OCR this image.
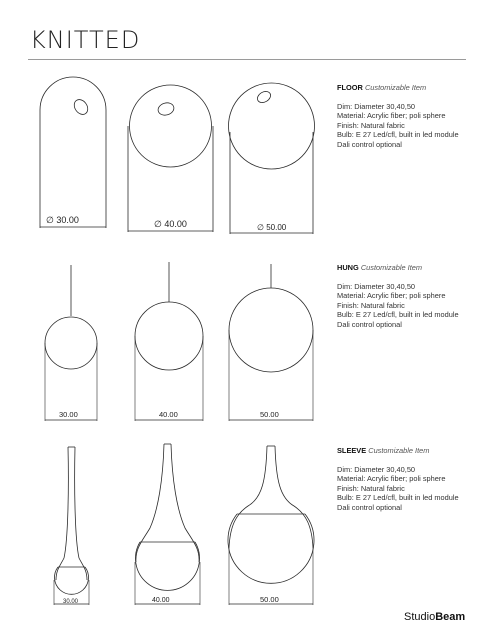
KNITTED
∅ 30.00	∅ 40.00	∅ 50.00
30.00	40.00	50.00
30.00	40.00	50.00
FLOOR Customizable Item
Dim: Diameter 30,40,50
Material: Acrylic fiber; poli sphere
Finish: Natural fabric
Bulb: E 27 Led/cfl, built in led module
Dali control optional
HUNG Customizable Item
Dim: Diameter 30,40,50
Material: Acrylic fiber; poli sphere
Finish: Natural fabric
Bulb: E 27 Led/cfl, built in led module
Dali control optional
SLEEVE Customizable Item
Dim: Diameter 30,40,50
Material: Acrylic fiber; poli sphere
Finish: Natural fabric
Bulb: E 27 Led/cfl, built in led module
Dali control optional
StudioBeam
